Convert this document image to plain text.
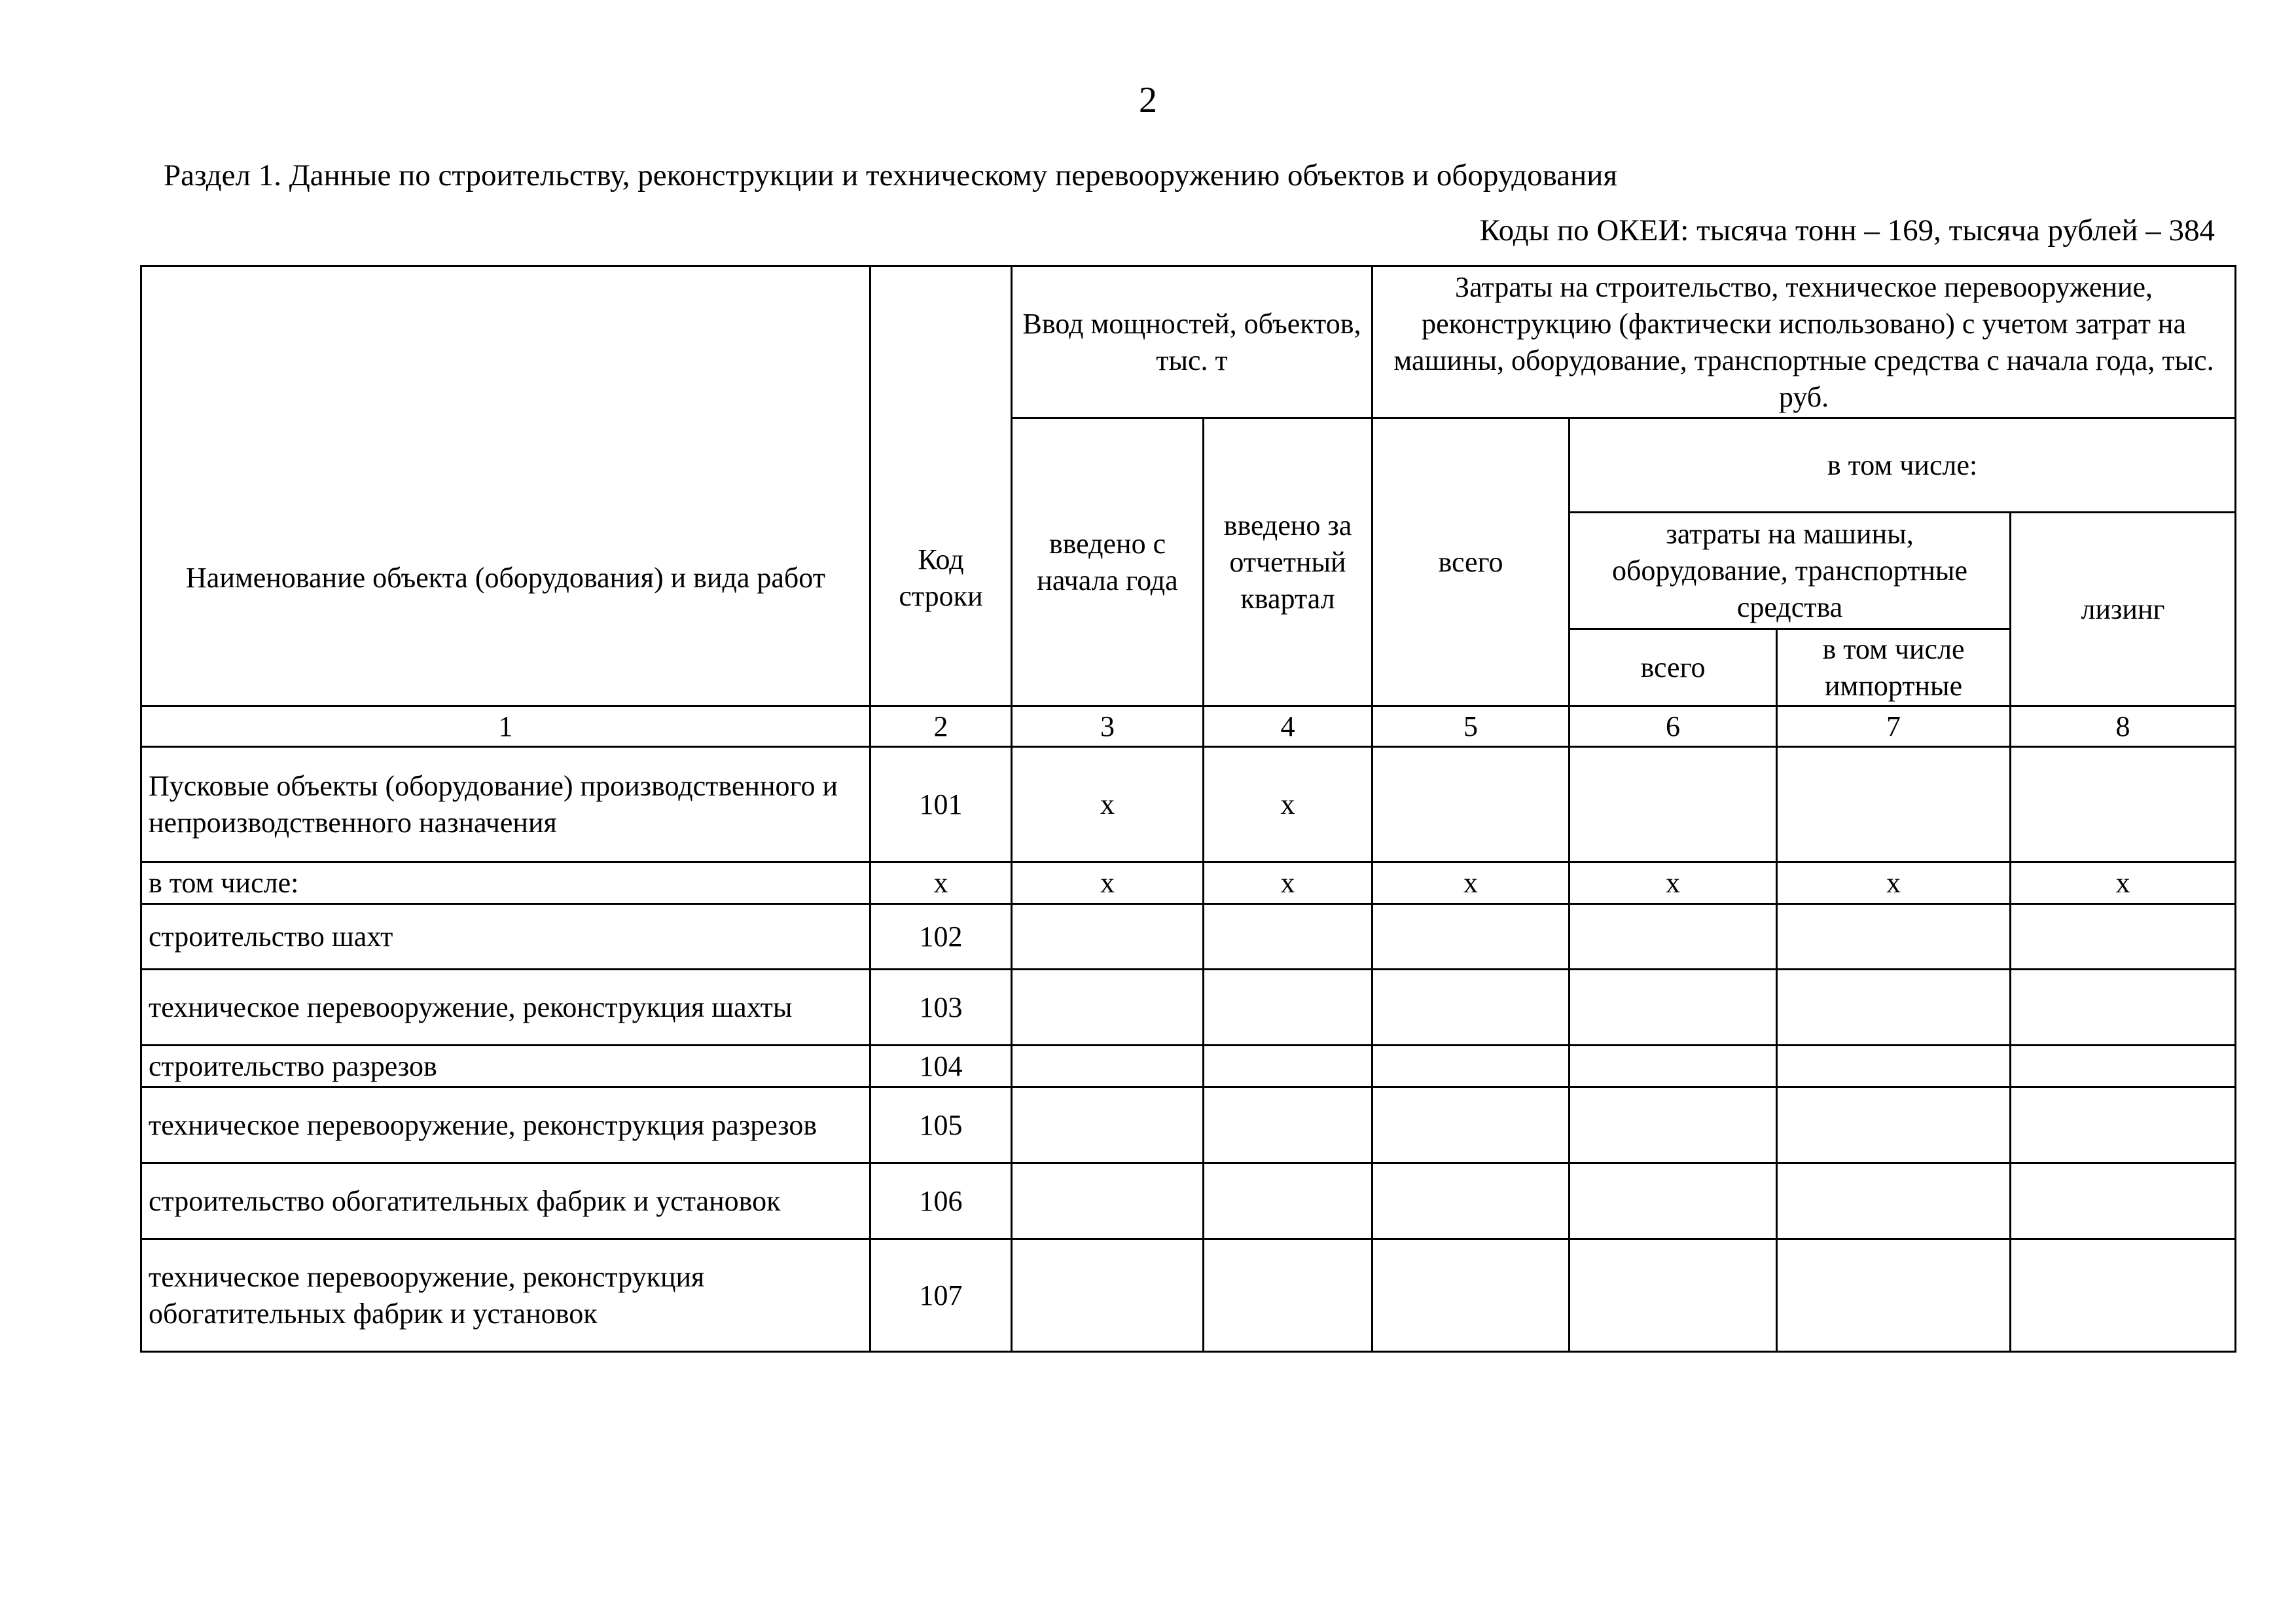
2
Раздел 1. Данные по строительству, реконструкции и техническому перевооружению объектов и оборудования
Коды по ОКЕИ: тысяча тонн – 169, тысяча рублей – 384
Наименование объекта (оборудования) и вида работ	Код строки	Ввод мощностей, объектов, тыс. т		Затраты на строительство, техническое перевооружение, реконструкцию (фактически использовано) с учетом затрат на машины, оборудование, транспортные средства с начала года, тыс. руб.			
		введено с начала года	введено за отчетный квартал	всего	в том числе:		
					затраты на машины, оборудование, транспортные средства		лизинг
					всего	в том числе импортные	
1	2	3	4	5	6	7	8
Пусковые объекты (оборудование) производственного и непроизводственного назначения	101	x	x				
в том числе:	x	x	x	x	x	x	x
строительство шахт	102						
техническое перевооружение, реконструкция шахты	103						
строительство разрезов	104						
техническое перевооружение, реконструкция разрезов	105						
строительство обогатительных фабрик и установок	106						
техническое перевооружение, реконструкция обогатительных фабрик и установок	107						
